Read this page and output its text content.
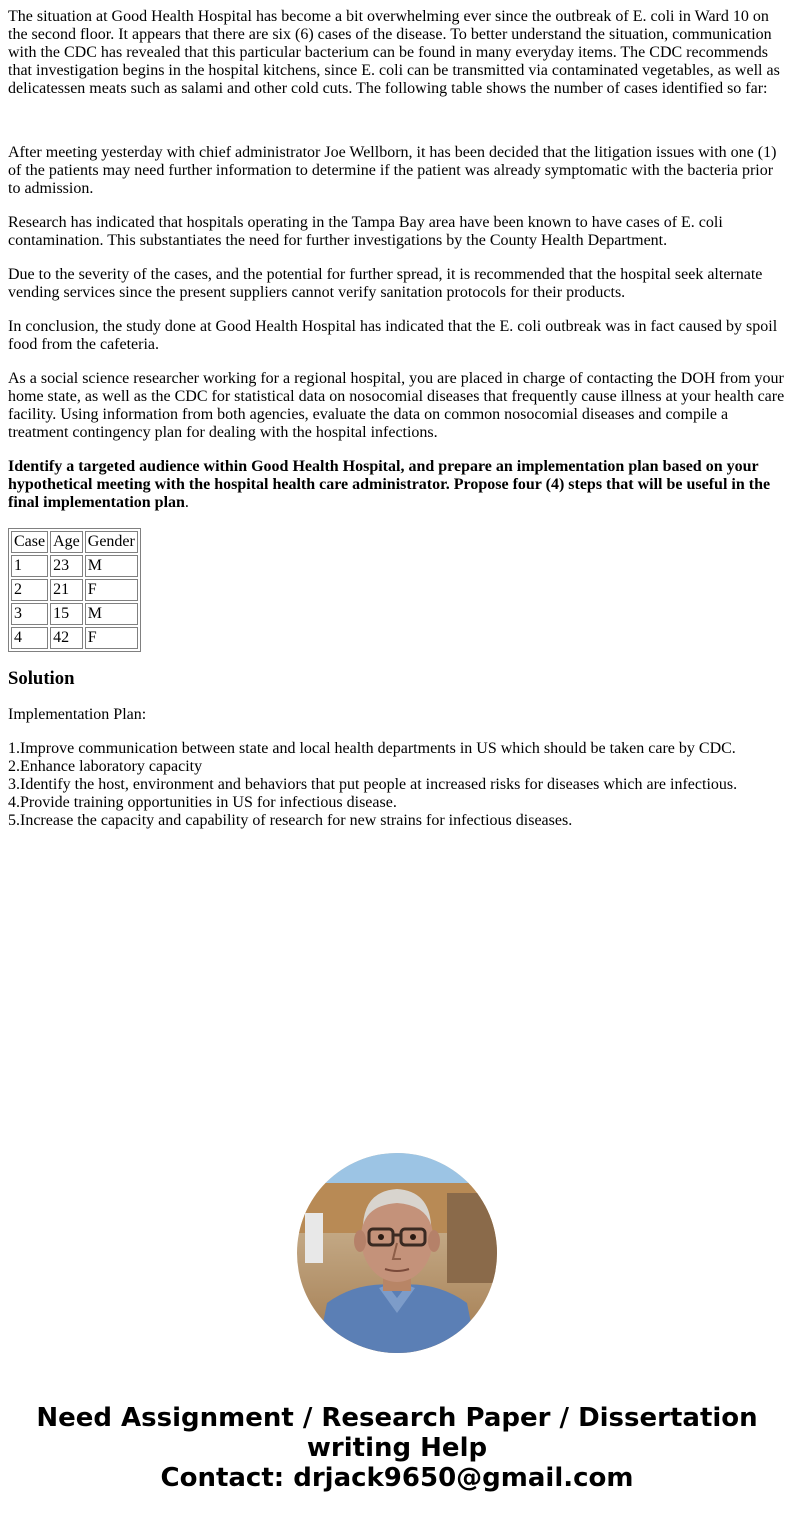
The situation at Good Health Hospital has become a bit overwhelming ever since the outbreak of E. coli in Ward 10 on the second floor. It appears that there are six (6) cases of the disease. To better understand the situation, communication with the CDC has revealed that this particular bacterium can be found in many everyday items. The CDC recommends that investigation begins in the hospital kitchens, since E. coli can be transmitted via contaminated vegetables, as well as delicatessen meats such as salami and other cold cuts. The following table shows the number of cases identified so far:

After meeting yesterday with chief administrator Joe Wellborn, it has been decided that the litigation issues with one (1) of the patients may need further information to determine if the patient was already symptomatic with the bacteria prior to admission.

Research has indicated that hospitals operating in the Tampa Bay area have been known to have cases of E. coli contamination. This substantiates the need for further investigations by the County Health Department.

Due to the severity of the cases, and the potential for further spread, it is recommended that the hospital seek alternate vending services since the present suppliers cannot verify sanitation protocols for their products.

In conclusion, the study done at Good Health Hospital has indicated that the E. coli outbreak was in fact caused by spoil food from the cafeteria.

As a social science researcher working for a regional hospital, you are placed in charge of contacting the DOH from your home state, as well as the CDC for statistical data on nosocomial diseases that frequently cause illness at your health care facility. Using information from both agencies, evaluate the data on common nosocomial diseases and compile a treatment contingency plan for dealing with the hospital infections.

Identify a targeted audience within Good Health Hospital, and prepare an implementation plan based on your hypothetical meeting with the hospital health care administrator. Propose four (4) steps that will be useful in the final implementation plan.

Case	Age	Gender
1	23	M
2	21	F
3	15	M
4	42	F
Solution

Implementation Plan:

1.Improve communication between state and local health departments in US which should be taken care by CDC.
2.Enhance laboratory capacity
3.Identify the host, environment and behaviors that put people at increased risks for diseases which are infectious.
4.Provide training opportunities in US for infectious disease.
5.Increase the capacity and capability of research for new strains for infectious diseases.
Need Assignment / Research Paper / Dissertation
writing Help
Contact: drjack9650@gmail.com
